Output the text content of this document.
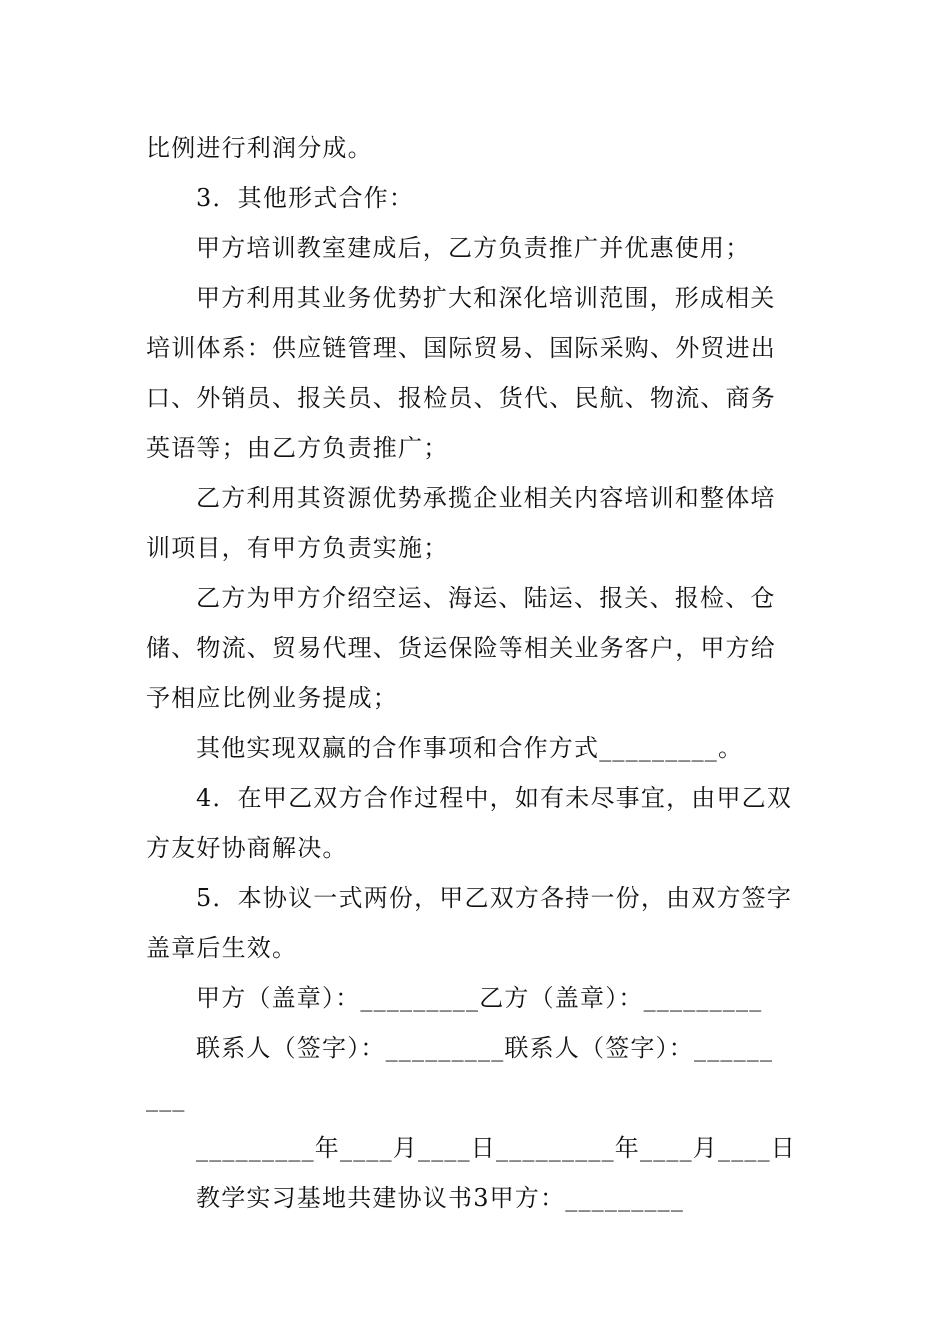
比例进行利润分成。
3．其他形式合作：
甲方培训教室建成后，乙方负责推广并优惠使用；
甲方利用其业务优势扩大和深化培训范围，形成相关
培训体系：供应链管理、国际贸易、国际采购、外贸进出
口、外销员、报关员、报检员、货代、民航、物流、商务
英语等；由乙方负责推广；
乙方利用其资源优势承揽企业相关内容培训和整体培
训项目，有甲方负责实施；
乙方为甲方介绍空运、海运、陆运、报关、报检、仓
储、物流、贸易代理、货运保险等相关业务客户，甲方给
予相应比例业务提成；
其他实现双赢的合作事项和合作方式_________。
4．在甲乙双方合作过程中，如有未尽事宜，由甲乙双
方友好协商解决。
5．本协议一式两份，甲乙双方各持一份，由双方签字
盖章后生效。
甲方（盖章）：_________乙方（盖章）：_________
联系人（签字）：_________联系人（签字）：______
___
_________年____月____日_________年____月____日
教学实习基地共建协议书3甲方：_________
